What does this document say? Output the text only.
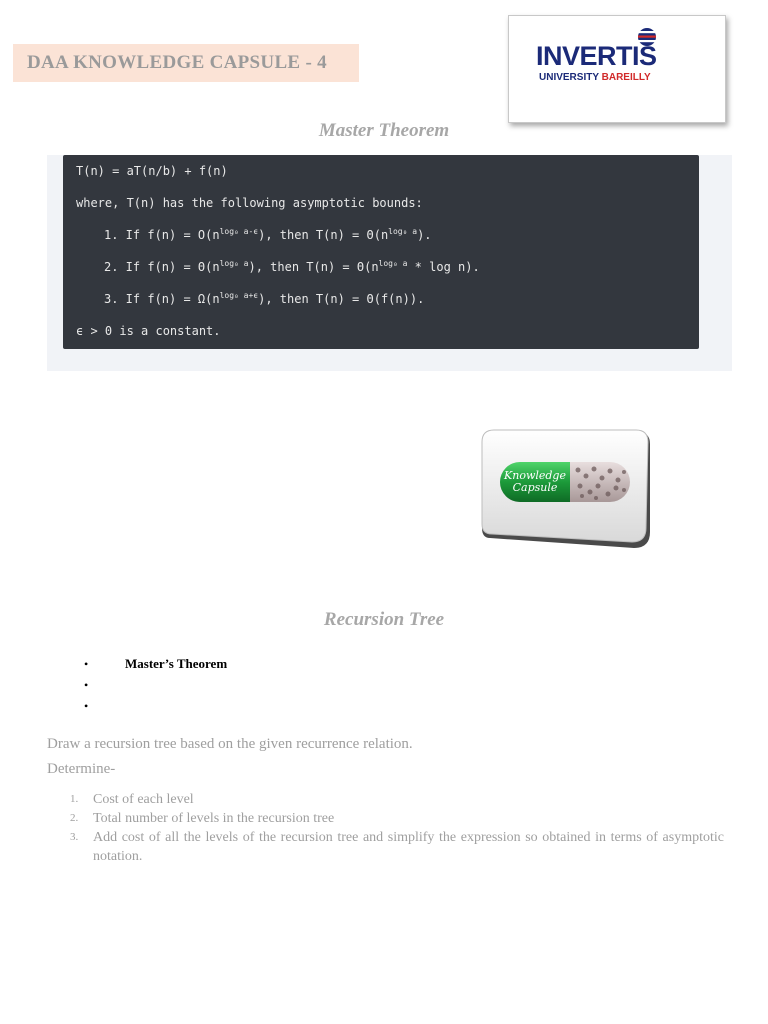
DAA KNOWLEDGE CAPSULE - 4	INVERTIS
UNIVERSITY BAREILLY
Master Theorem
T(n) = aT(n/b) + f(n)
where, T(n) has the following asymptotic bounds:
1. If $f(n) = O(n^{log_0 a-\epsilon})$, then $T(n) = \Theta(n^{log_0 a})$.
2. If $f(n) = \Theta(n^{log_0 a})$, then $T(n) = \Theta(n^{log_0 a} * \log n)$.
3. If $f(n) = \Omega(n^{log_0 a+\epsilon})$, then T(n) = Θ(f(n)).
ϵ > 0 is a constant.
Knowledge
Capsule
Recursion Tree
•	Master’s Theorem
•
•
Draw a recursion tree based on the given recurrence relation.
Determine-
1. Cost of each level
2. Total number of levels in the recursion tree
3. Add cost of all the levels of the recursion tree and simplify the expression so obtained in terms of asymptotic notation.
